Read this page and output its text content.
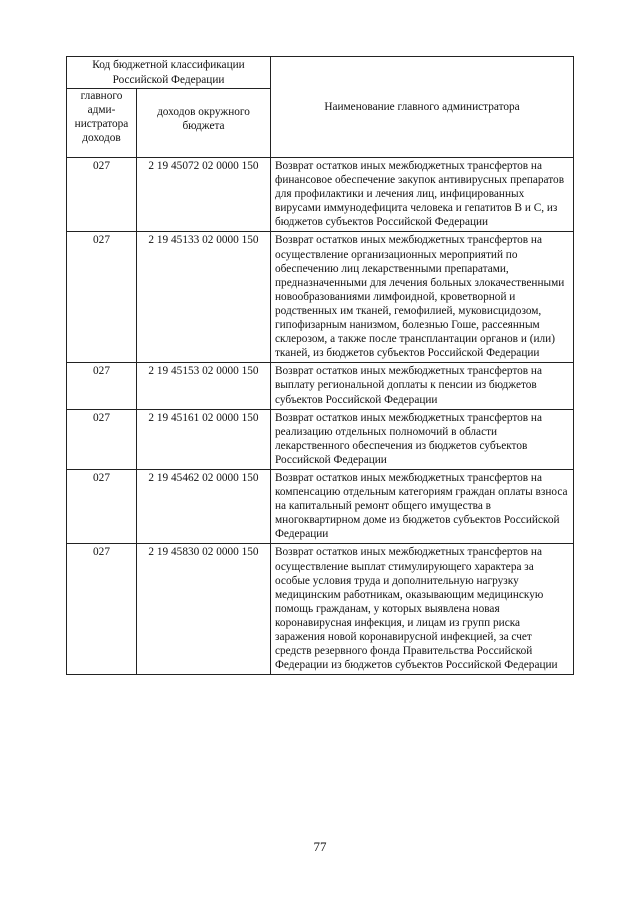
Код бюджетной классификации Российской Федерации		Наименование главного администратора
главного адми-нистратора доходов	доходов окружного бюджета	
027	2 19 45072 02 0000 150	Возврат остатков иных межбюджетных трансфертов на финансовое обеспечение закупок антивирусных препаратов для профилактики и лечения лиц, инфицированных вирусами иммунодефицита человека и гепатитов В и С, из бюджетов субъектов Российской Федерации
027	2 19 45133 02 0000 150	Возврат остатков иных межбюджетных трансфертов на осуществление организационных мероприятий по обеспечению лиц лекарственными препаратами, предназначенными для лечения больных злокачественными новообразованиями лимфоидной, кроветворной и родственных им тканей, гемофилией, муковисцидозом, гипофизарным нанизмом, болезнью Гоше, рассеянным склерозом, а также после трансплантации органов и (или) тканей, из бюджетов субъектов Российской Федерации
027	2 19 45153 02 0000 150	Возврат остатков иных межбюджетных трансфертов на выплату региональной доплаты к пенсии из бюджетов субъектов Российской Федерации
027	2 19 45161 02 0000 150	Возврат остатков иных межбюджетных трансфертов на реализацию отдельных полномочий в области лекарственного обеспечения из бюджетов субъектов Российской Федерации
027	2 19 45462 02 0000 150	Возврат остатков иных межбюджетных трансфертов на компенсацию отдельным категориям граждан оплаты взноса на капитальный ремонт общего имущества в многоквартирном доме из бюджетов субъектов Российской Федерации
027	2 19 45830 02 0000 150	Возврат остатков иных межбюджетных трансфертов на осуществление выплат стимулирующего характера за особые условия труда и дополнительную нагрузку медицинским работникам, оказывающим медицинскую помощь гражданам, у которых выявлена новая коронавирусная инфекция, и лицам из групп риска заражения новой коронавирусной инфекцией, за счет средств резервного фонда Правительства Российской Федерации из бюджетов субъектов Российской Федерации
77
